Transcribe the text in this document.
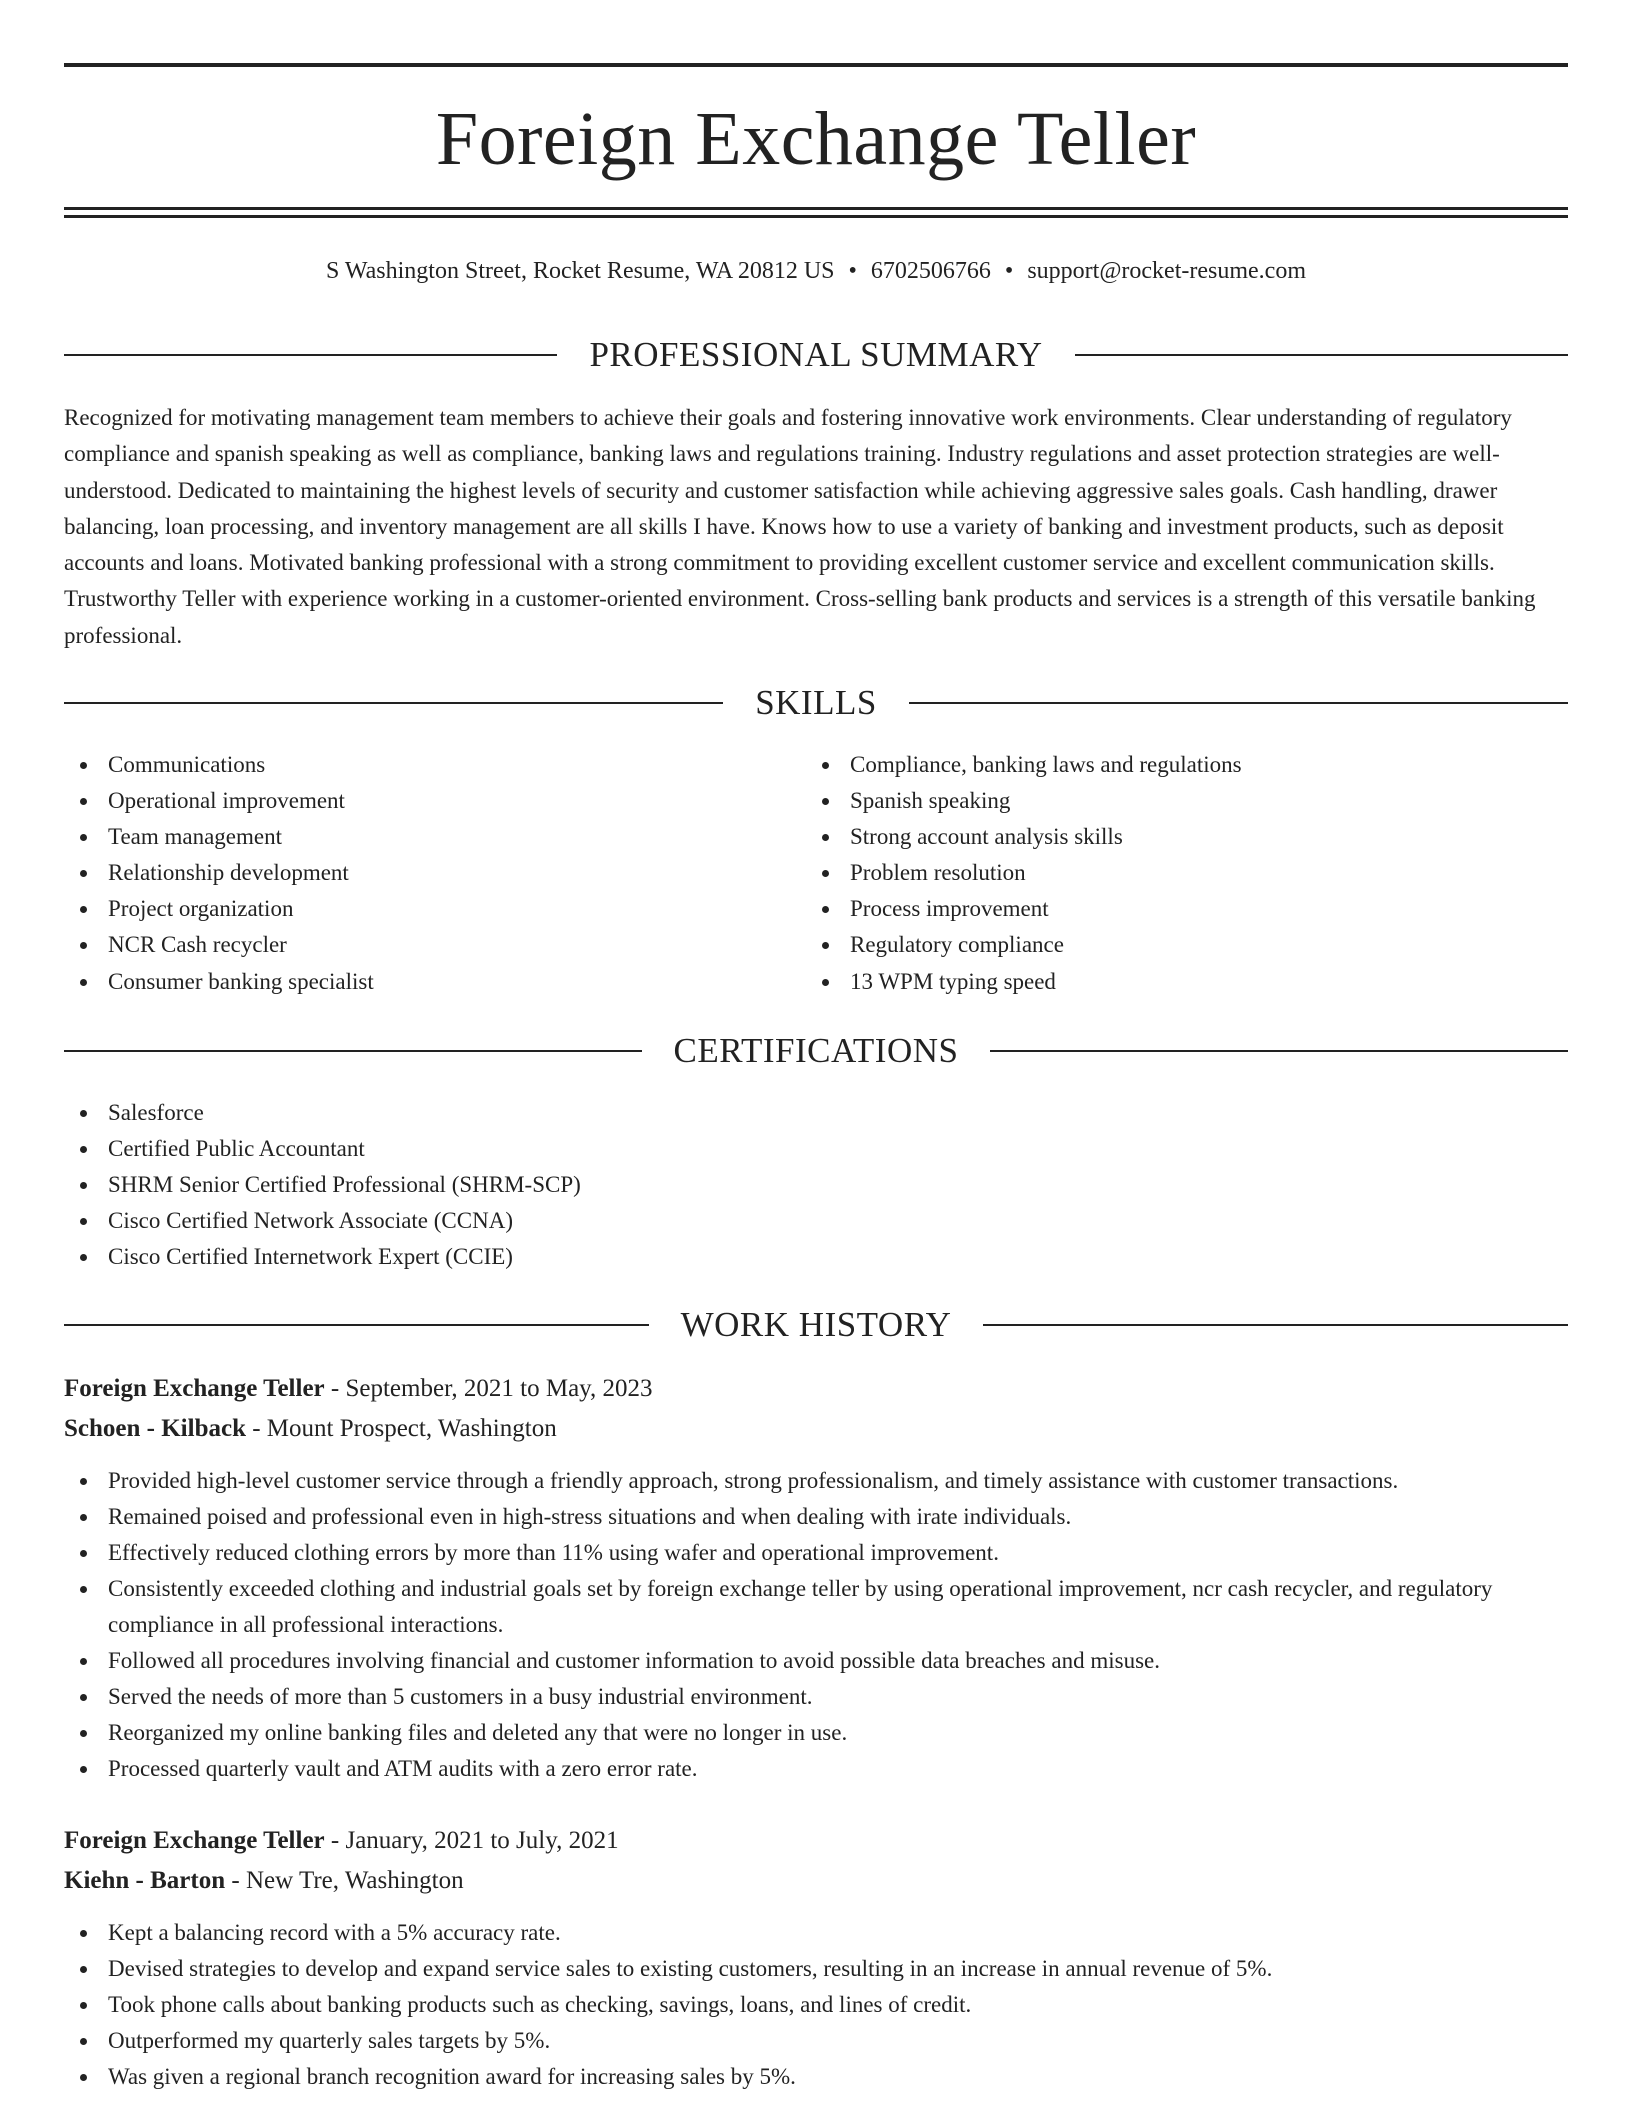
Foreign Exchange Teller
S Washington Street, Rocket Resume, WA 20812 US • 6702506766 • support@rocket-resume.com
PROFESSIONAL SUMMARY

Recognized for motivating management team members to achieve their goals and fostering innovative work environments. Clear understanding of regulatory compliance and spanish speaking as well as compliance, banking laws and regulations training. Industry regulations and asset protection strategies are well-understood. Dedicated to maintaining the highest levels of security and customer satisfaction while achieving aggressive sales goals. Cash handling, drawer balancing, loan processing, and inventory management are all skills I have. Knows how to use a variety of banking and investment products, such as deposit accounts and loans. Motivated banking professional with a strong commitment to providing excellent customer service and excellent communication skills. Trustworthy Teller with experience working in a customer-oriented environment. Cross-selling bank products and services is a strength of this versatile banking professional.

SKILLS
Communications
Operational improvement
Team management
Relationship development
Project organization
NCR Cash recycler
Consumer banking specialist
Compliance, banking laws and regulations
Spanish speaking
Strong account analysis skills
Problem resolution
Process improvement
Regulatory compliance
13 WPM typing speed
CERTIFICATIONS
Salesforce
Certified Public Accountant
SHRM Senior Certified Professional (SHRM-SCP)
Cisco Certified Network Associate (CCNA)
Cisco Certified Internetwork Expert (CCIE)
WORK HISTORY
Foreign Exchange Teller - September, 2021 to May, 2023
Schoen - Kilback - Mount Prospect, Washington
Provided high-level customer service through a friendly approach, strong professionalism, and timely assistance with customer transactions.
Remained poised and professional even in high-stress situations and when dealing with irate individuals.
Effectively reduced clothing errors by more than 11% using wafer and operational improvement.
Consistently exceeded clothing and industrial goals set by foreign exchange teller by using operational improvement, ncr cash recycler, and regulatory compliance in all professional interactions.
Followed all procedures involving financial and customer information to avoid possible data breaches and misuse.
Served the needs of more than 5 customers in a busy industrial environment.
Reorganized my online banking files and deleted any that were no longer in use.
Processed quarterly vault and ATM audits with a zero error rate.
Foreign Exchange Teller - January, 2021 to July, 2021
Kiehn - Barton - New Tre, Washington
Kept a balancing record with a 5% accuracy rate.
Devised strategies to develop and expand service sales to existing customers, resulting in an increase in annual revenue of 5%.
Took phone calls about banking products such as checking, savings, loans, and lines of credit.
Outperformed my quarterly sales targets by 5%.
Was given a regional branch recognition award for increasing sales by 5%.
